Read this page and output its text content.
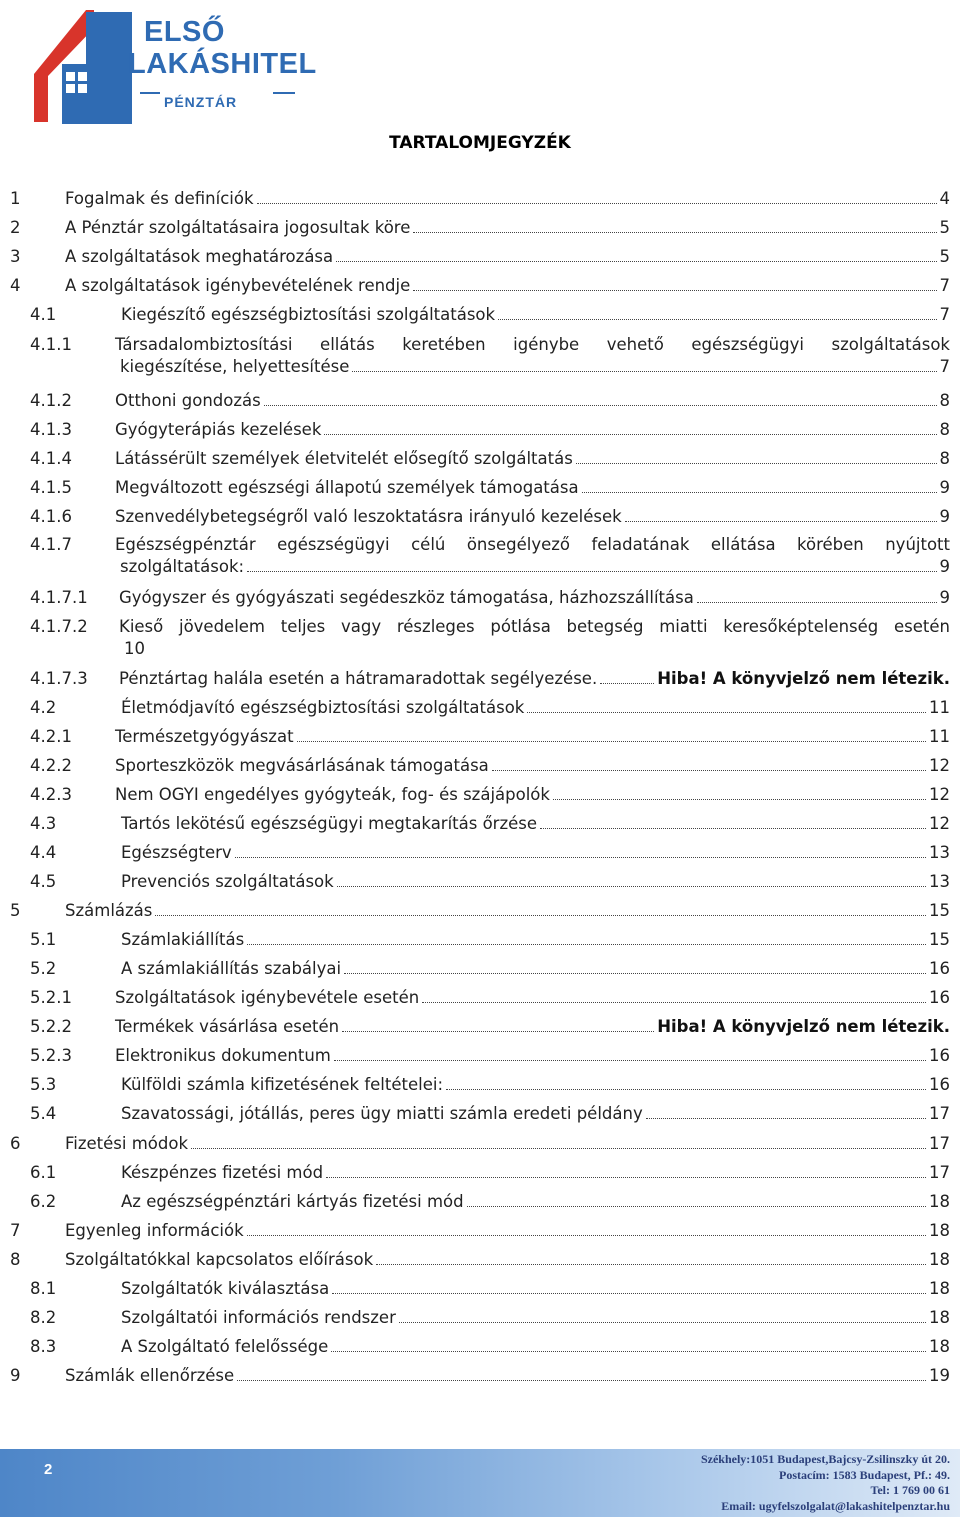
ELSŐ
LAKÁSHITEL
PÉNZTÁR
TARTALOMJEGYZÉK
1	Fogalmak és definíciók	4
2	A Pénztár szolgáltatásaira jogosultak köre	5
3	A szolgáltatások meghatározása	5
4	A szolgáltatások igénybevételének rendje	7
4.1	Kiegészítő egészségbiztosítási szolgáltatások	7
4.1.1	Társadalombiztosítási ellátás keretében igénybe vehető egészségügyi szolgáltatások
kiegészítése, helyettesítése	7
4.1.2	Otthoni gondozás	8
4.1.3	Gyógyterápiás kezelések	8
4.1.4	Látássérült személyek életvitelét elősegítő szolgáltatás	8
4.1.5	Megváltozott egészségi állapotú személyek támogatása	9
4.1.6	Szenvedélybetegségről való leszoktatásra irányuló kezelések	9
4.1.7	Egészségpénztár egészségügyi célú önsegélyező feladatának ellátása körében nyújtott
szolgáltatások:	9
4.1.7.1 Gyógyszer és gyógyászati segédeszköz támogatása, házhozszállítása	9
4.1.7.2 Kieső jövedelem teljes vagy részleges pótlása betegség miatti keresőképtelenség esetén
10
4.1.7.3 Pénztártag halála esetén a hátramaradottak segélyezése.	Hiba! A könyvjelző nem létezik.
4.2	Életmódjavító egészségbiztosítási szolgáltatások	11
4.2.1	Természetgyógyászat	11
4.2.2	Sporteszközök megvásárlásának támogatása	12
4.2.3	Nem OGYI engedélyes gyógyteák, fog- és szájápolók	12
4.3	Tartós lekötésű egészségügyi megtakarítás őrzése	12
4.4	Egészségterv	13
4.5	Prevenciós szolgáltatások	13
5	Számlázás	15
5.1	Számlakiállítás	15
5.2	A számlakiállítás szabályai	16
5.2.1	Szolgáltatások igénybevétele esetén	16
5.2.2	Termékek vásárlása esetén	Hiba! A könyvjelző nem létezik.
5.2.3	Elektronikus dokumentum	16
5.3	Külföldi számla kifizetésének feltételei:	16
5.4	Szavatossági, jótállás, peres ügy miatti számla eredeti példány	17
6	Fizetési módok	17
6.1	Készpénzes fizetési mód	17
6.2	Az egészségpénztári kártyás fizetési mód	18
7	Egyenleg információk	18
8	Szolgáltatókkal kapcsolatos előírások	18
8.1	Szolgáltatók kiválasztása	18
8.2	Szolgáltatói információs rendszer	18
8.3	A Szolgáltató felelőssége	18
9	Számlák ellenőrzése	19
2
Székhely:1051 Budapest,Bajcsy-Zsilinszky út 20.
Postacím: 1583 Budapest, Pf.: 49.
Tel: 1 769 00 61
Email: ugyfelszolgalat@lakashitelpenztar.hu
